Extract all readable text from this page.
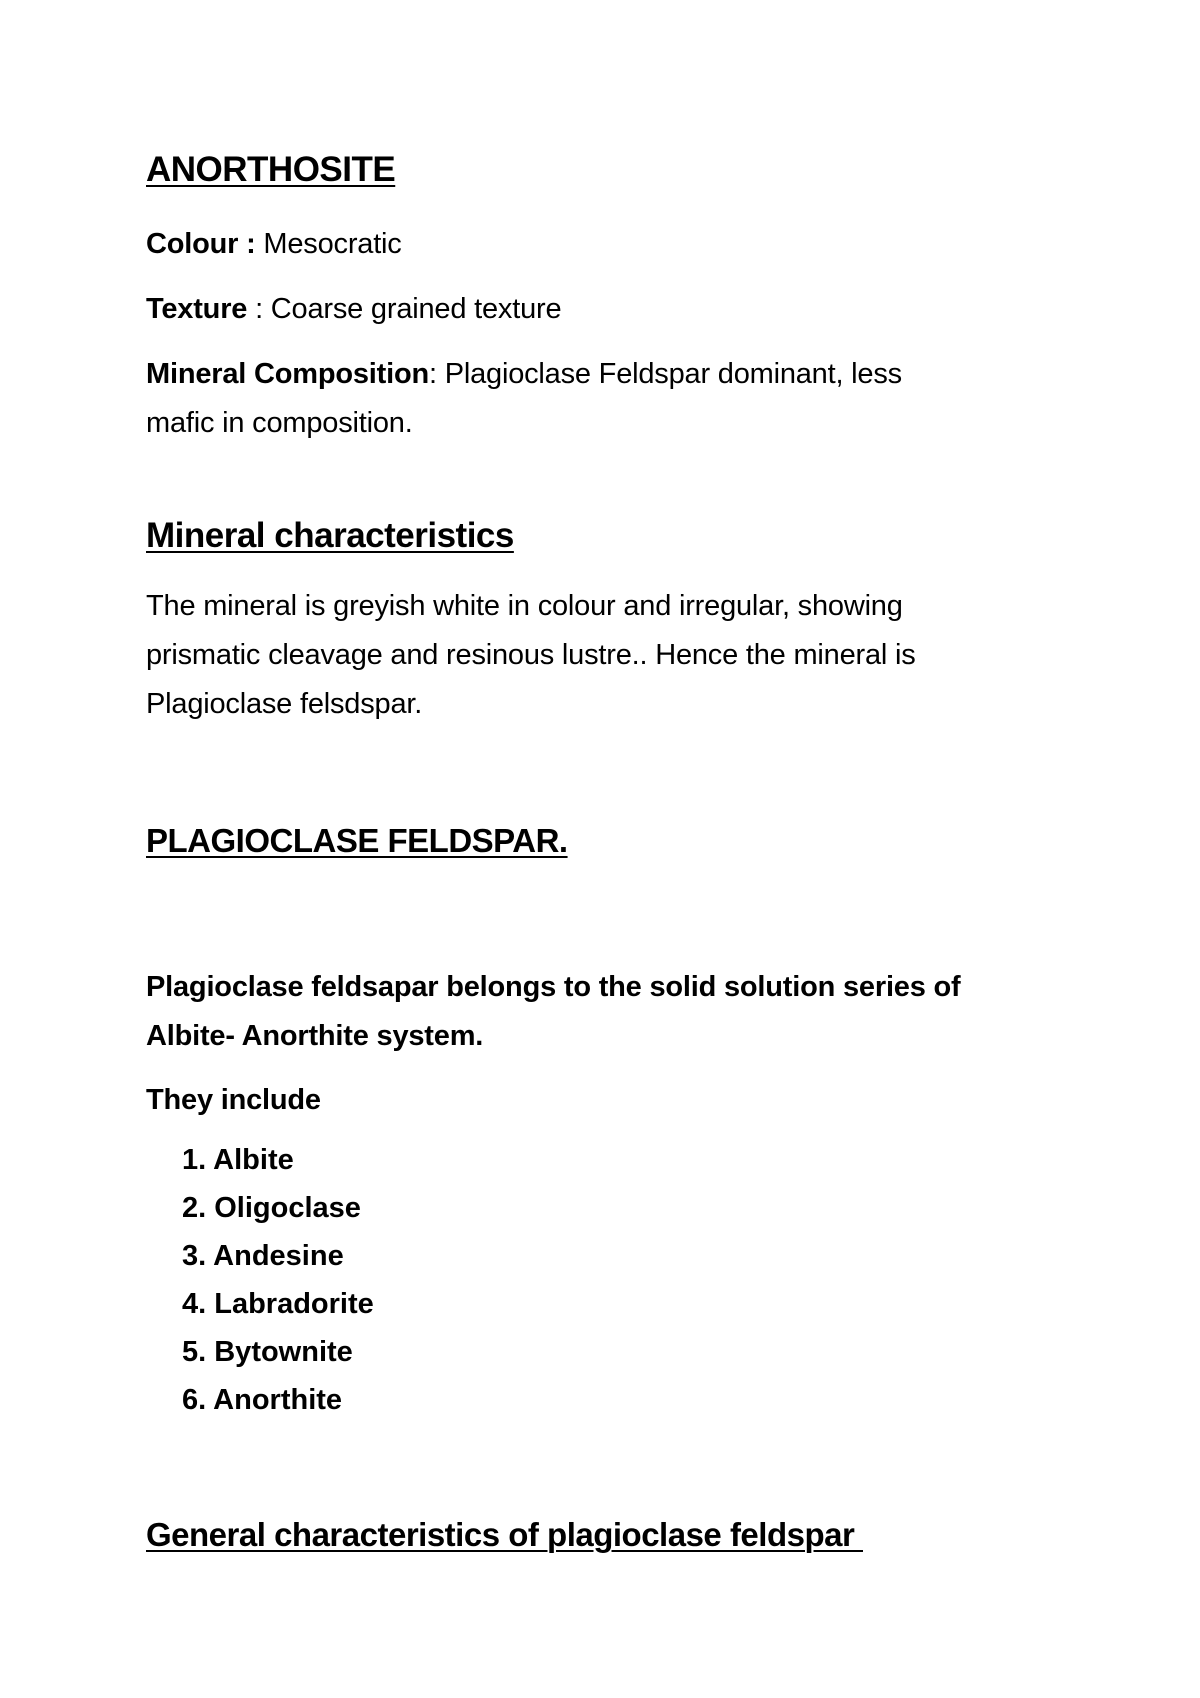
ANORTHOSITE
Colour : Mesocratic
Texture : Coarse grained texture
Mineral Composition: Plagioclase Feldspar dominant, less
mafic in composition.
Mineral characteristics
The mineral is greyish white in colour and irregular, showing
prismatic cleavage and resinous lustre.. Hence the mineral is
Plagioclase felsdspar.
PLAGIOCLASE FELDSPAR.
Plagioclase feldsapar belongs to the solid solution series of
Albite- Anorthite system.
They include
1. Albite
2. Oligoclase
3. Andesine
4. Labradorite
5. Bytownite
6. Anorthite
General characteristics of plagioclase feldspar
